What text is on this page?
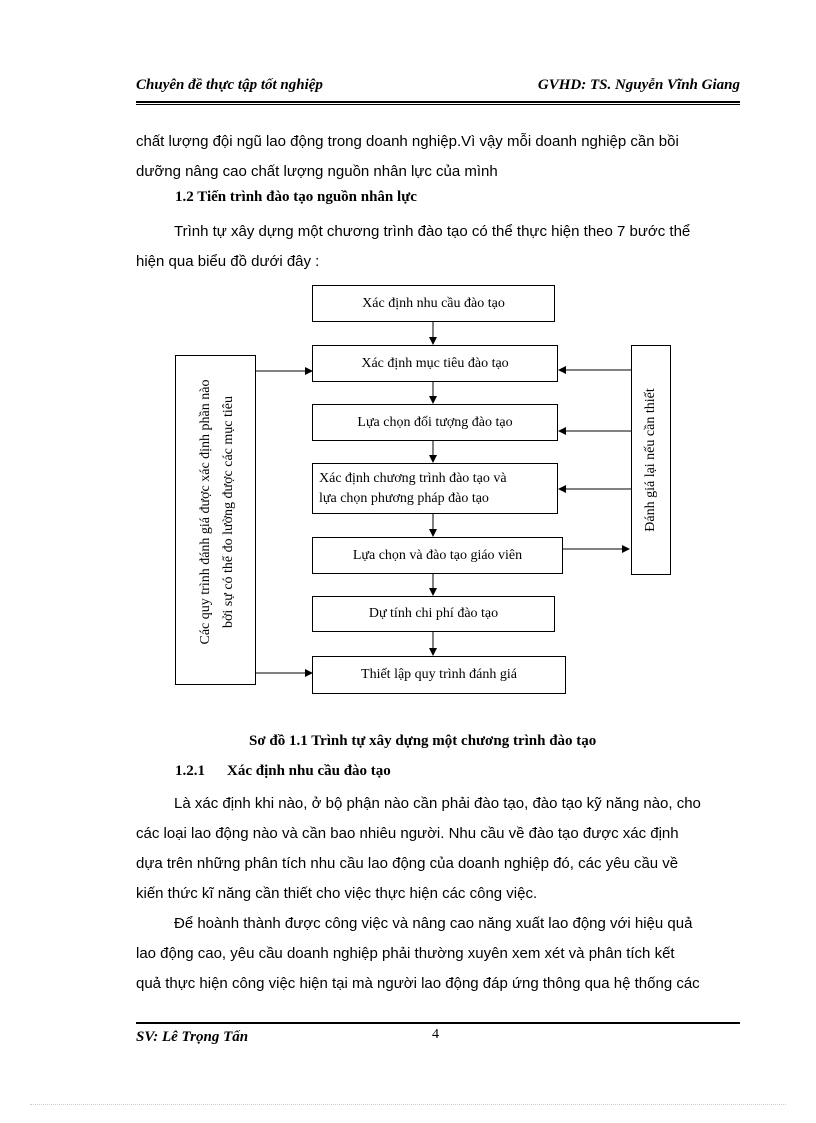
Chuyên đề thực tập tốt nghiệp	GVHD: TS. Nguyễn Vĩnh Giang
chất lượng đội ngũ lao động trong doanh nghiệp.Vì vậy mỗi doanh nghiệp cần bồi
dưỡng nâng cao chất lượng nguồn nhân lực của mình
1.2 Tiến trình đào tạo nguồn nhân lực
Trình tự xây dựng một chương trình đào tạo có thể thực hiện theo 7 bước thể
hiện qua biểu đồ dưới đây :
Xác định nhu cầu đào tạo
Xác định mục tiêu đào tạo
Lựa chọn đối tượng đào tạo
Xác định chương trình đào tạo và
lựa chọn phương pháp đào tạo
Lựa chọn và đào tạo giáo viên
Dự tính chi phí đào tạo
Thiết lập quy trình đánh giá
Các quy trình đánh giá được xác định phần nào bởi sự có thể đo lường được các mục tiêu	Đánh giá lại nếu cần thiết
Sơ đồ 1.1 Trình tự xây dựng một chương trình đào tạo
1.2.1 Xác định nhu cầu đào tạo
Là xác định khi nào, ở bộ phận nào cần phải đào tạo, đào tạo kỹ năng nào, cho
các loại lao động nào và cần bao nhiêu người. Nhu cầu về đào tạo được xác định
dựa trên những phân tích nhu cầu lao động của doanh nghiệp đó, các yêu cầu về
kiến thức kĩ năng cần thiết cho việc thực hiện các công việc.
Để hoành thành được công việc và nâng cao năng xuất lao động với hiệu quả
lao động cao, yêu cầu doanh nghiệp phải thường xuyên xem xét và phân tích kết
quả thực hiện công việc hiện tại mà người lao động đáp ứng thông qua hệ thống các
SV: Lê Trọng Tấn	4
